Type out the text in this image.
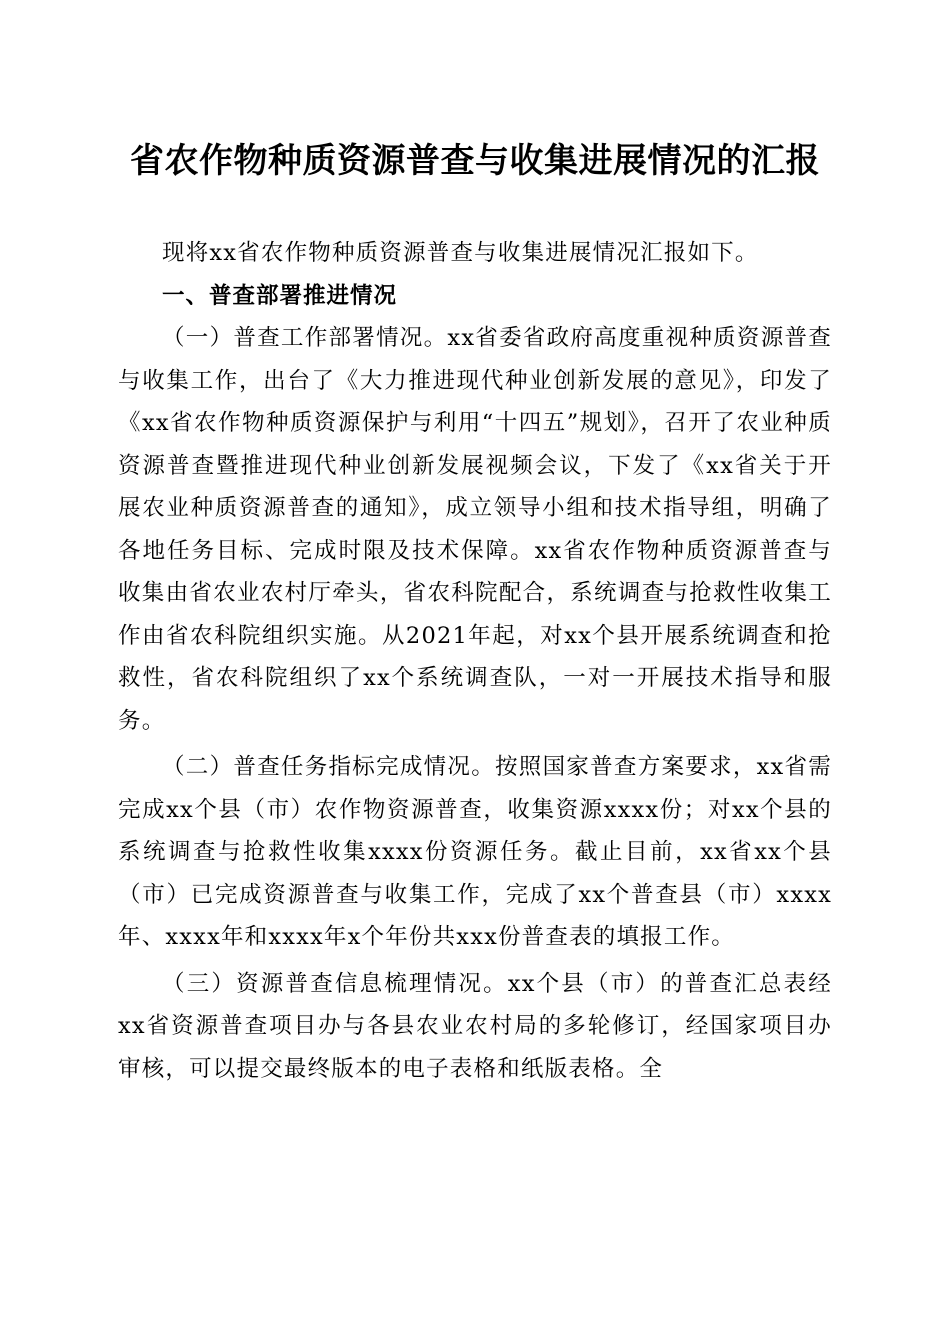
省农作物种质资源普查与收集进展情况的汇报
现将xx省农作物种质资源普查与收集进展情况汇报如下。
一、普查部署推进情况

（一）普查工作部署情况。xx省委省政府高度重视种质资源普查与收集工作，出台了《大力推进现代种业创新发展的意见》，印发了《xx省农作物种质资源保护与利用“十四五”规划》，召开了农业种质资源普查暨推进现代种业创新发展视频会议，下发了《xx省关于开展农业种质资源普查的通知》，成立领导小组和技术指导组，明确了各地任务目标、完成时限及技术保障。xx省农作物种质资源普查与收集由省农业农村厅牵头，省农科院配合，系统调查与抢救性收集工作由省农科院组织实施。从2021年起，对xx个县开展系统调查和抢救性，省农科院组织了xx个系统调查队，一对一开展技术指导和服务。

（二）普查任务指标完成情况。按照国家普查方案要求，xx省需完成xx个县（市）农作物资源普查，收集资源xxxx份；对xx个县的系统调查与抢救性收集xxxx份资源任务。截止目前，xx省xx个县（市）已完成资源普查与收集工作，完成了xx个普查县（市）xxxx年、xxxx年和xxxx年x个年份共xxx份普查表的填报工作。

（三）资源普查信息梳理情况。xx个县（市）的普查汇总表经xx省资源普查项目办与各县农业农村局的多轮修订，经国家项目办审核，可以提交最终版本的电子表格和纸版表格。全
